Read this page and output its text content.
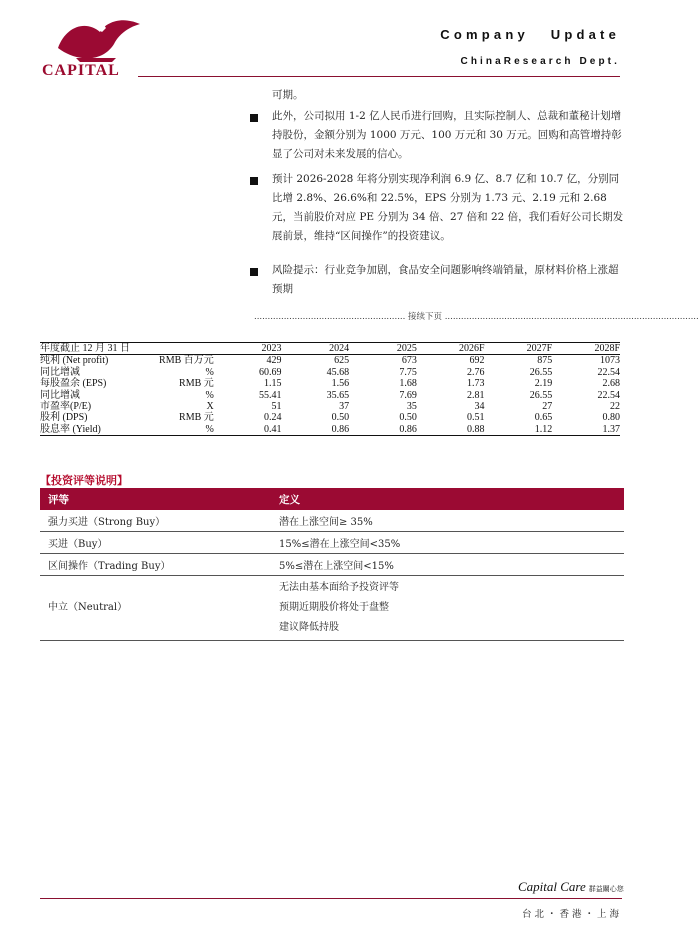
CAPITAL
Company Update
ChinaResearch Dept.
可期。
此外，公司拟用 1-2 亿人民币进行回购，且实际控制人、总裁和董秘计划增持股份，金额分别为 1000 万元、100 万元和 30 万元。回购和高管增持彰显了公司对未来发展的信心。
预计 2026-2028 年将分别实现净利润 6.9 亿、8.7 亿和 10.7 亿，分别同比增 2.8%、26.6%和 22.5%，EPS 分别为 1.73 元、2.19 元和 2.68 元，当前股价对应 PE 分别为 34 倍、27 倍和 22 倍，我们看好公司长期发展前景，维持“区间操作”的投资建议。
风险提示：行业竞争加剧，食品安全问题影响终端销量，原材料价格上涨超预期
........................................................ 接续下页 ..............................................................................................
年度截止 12 月 31 日		2023	2024	2025	2026F	2027F	2028F
纯利 (Net profit)	RMB 百万元	429	625	673	692	875	1073
同比增减	%	60.69	45.68	7.75	2.76	26.55	22.54
每股盈余 (EPS)	RMB 元	1.15	1.56	1.68	1.73	2.19	2.68
同比增减	%	55.41	35.65	7.69	2.81	26.55	22.54
市盈率(P/E)	X	51	37	35	34	27	22
股利 (DPS)	RMB 元	0.24	0.50	0.50	0.51	0.65	0.80
股息率 (Yield)	%	0.41	0.86	0.86	0.88	1.12	1.37
【投资评等说明】
评等	定义
强力买进（Strong Buy）	潜在上涨空间≥ 35%
买进（Buy）	15%≤潜在上涨空间<35%
区间操作（Trading Buy）	5%≤潜在上涨空间<15%
中立（Neutral）	无法由基本面给予投资评等
预期近期股价将处于盘整
建议降低持股
Capital Care 群益關心您
台北・香港・上海
